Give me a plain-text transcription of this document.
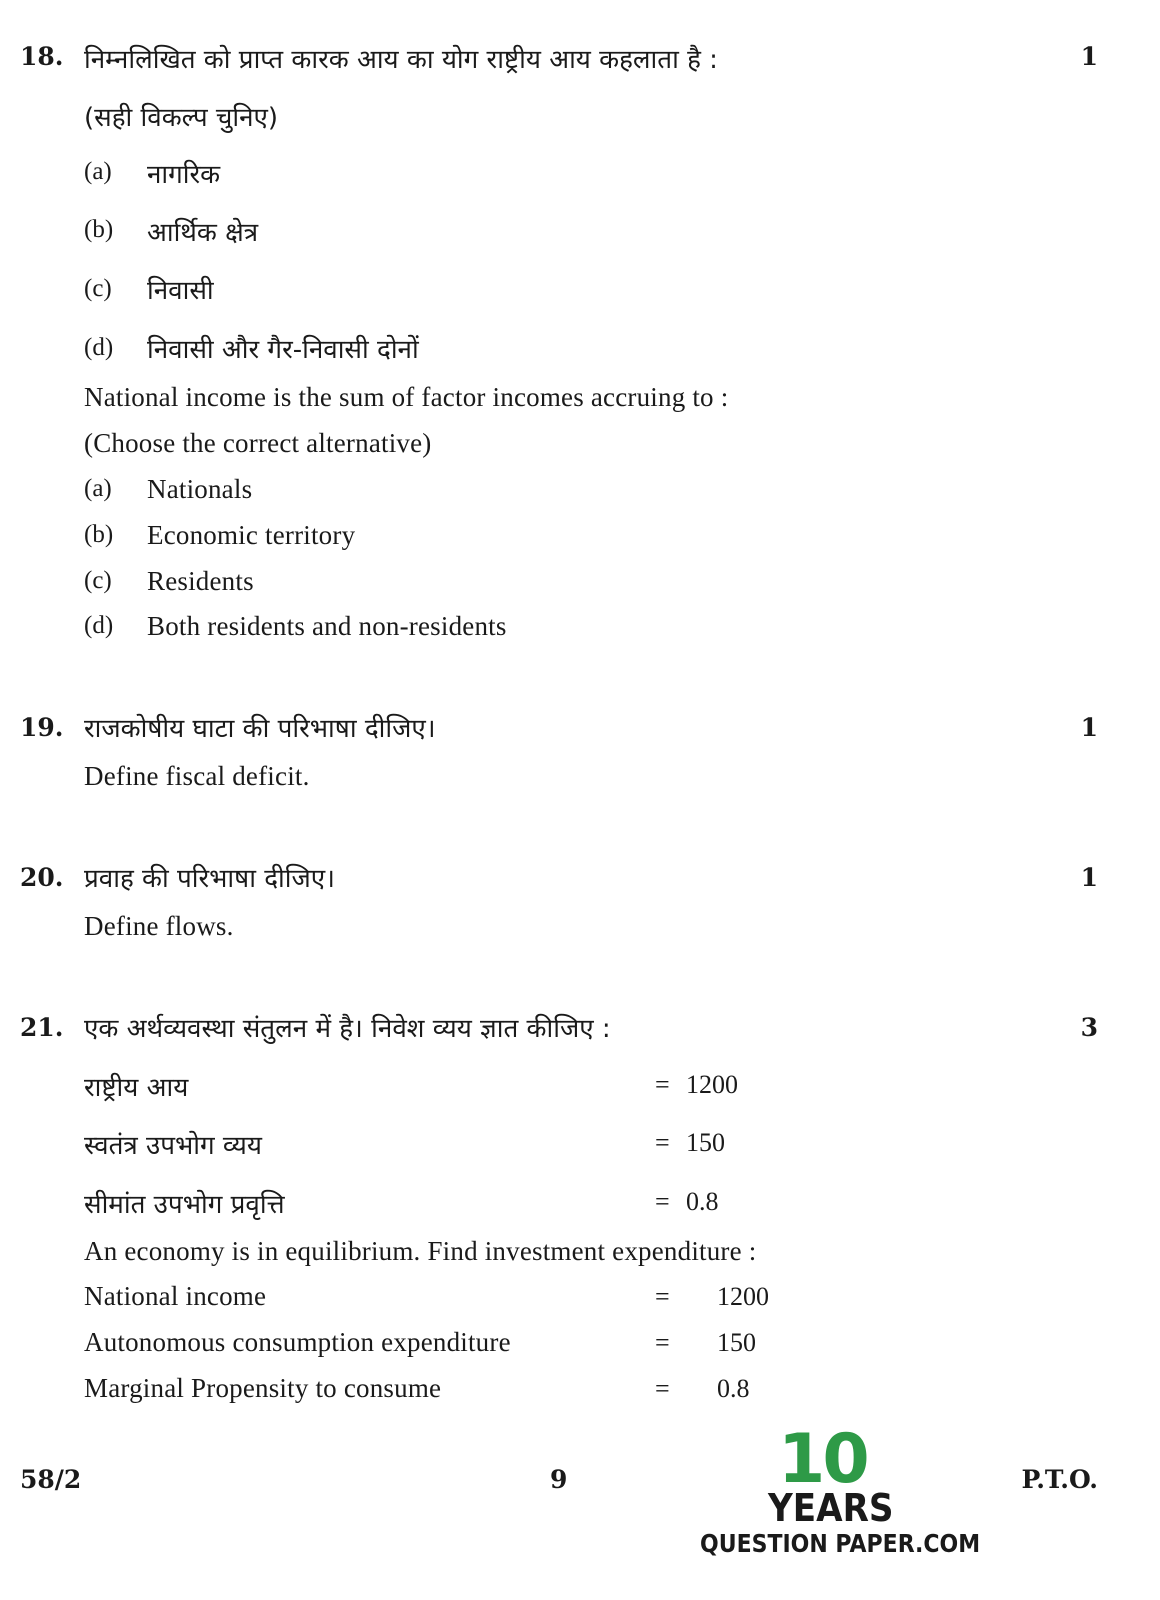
18. निम्नलिखित को प्राप्त कारक आय का योग राष्ट्रीय आय कहलाता है :	1
(सही विकल्प चुनिए)
(a) नागरिक
(b) आर्थिक क्षेत्र
(c) निवासी
(d) निवासी और गैर-निवासी दोनों
National income is the sum of factor incomes accruing to :
(Choose the correct alternative)
(a) Nationals
(b) Economic territory
(c) Residents
(d) Both residents and non-residents
19. राजकोषीय घाटा की परिभाषा दीजिए।	1
Define fiscal deficit.
20. प्रवाह की परिभाषा दीजिए।	1
Define flows.
21. एक अर्थव्यवस्था संतुलन में है। निवेश व्यय ज्ञात कीजिए :	3
राष्ट्रीय आय	= 1200
स्वतंत्र उपभोग व्यय	= 150
सीमांत उपभोग प्रवृत्ति	= 0.8
An economy is in equilibrium. Find investment expenditure :
National income	= 1200
Autonomous consumption expenditure	= 150
Marginal Propensity to consume	= 0.8
58/2	9	P.T.O.
10
YEARS
QUESTION PAPER.COM
